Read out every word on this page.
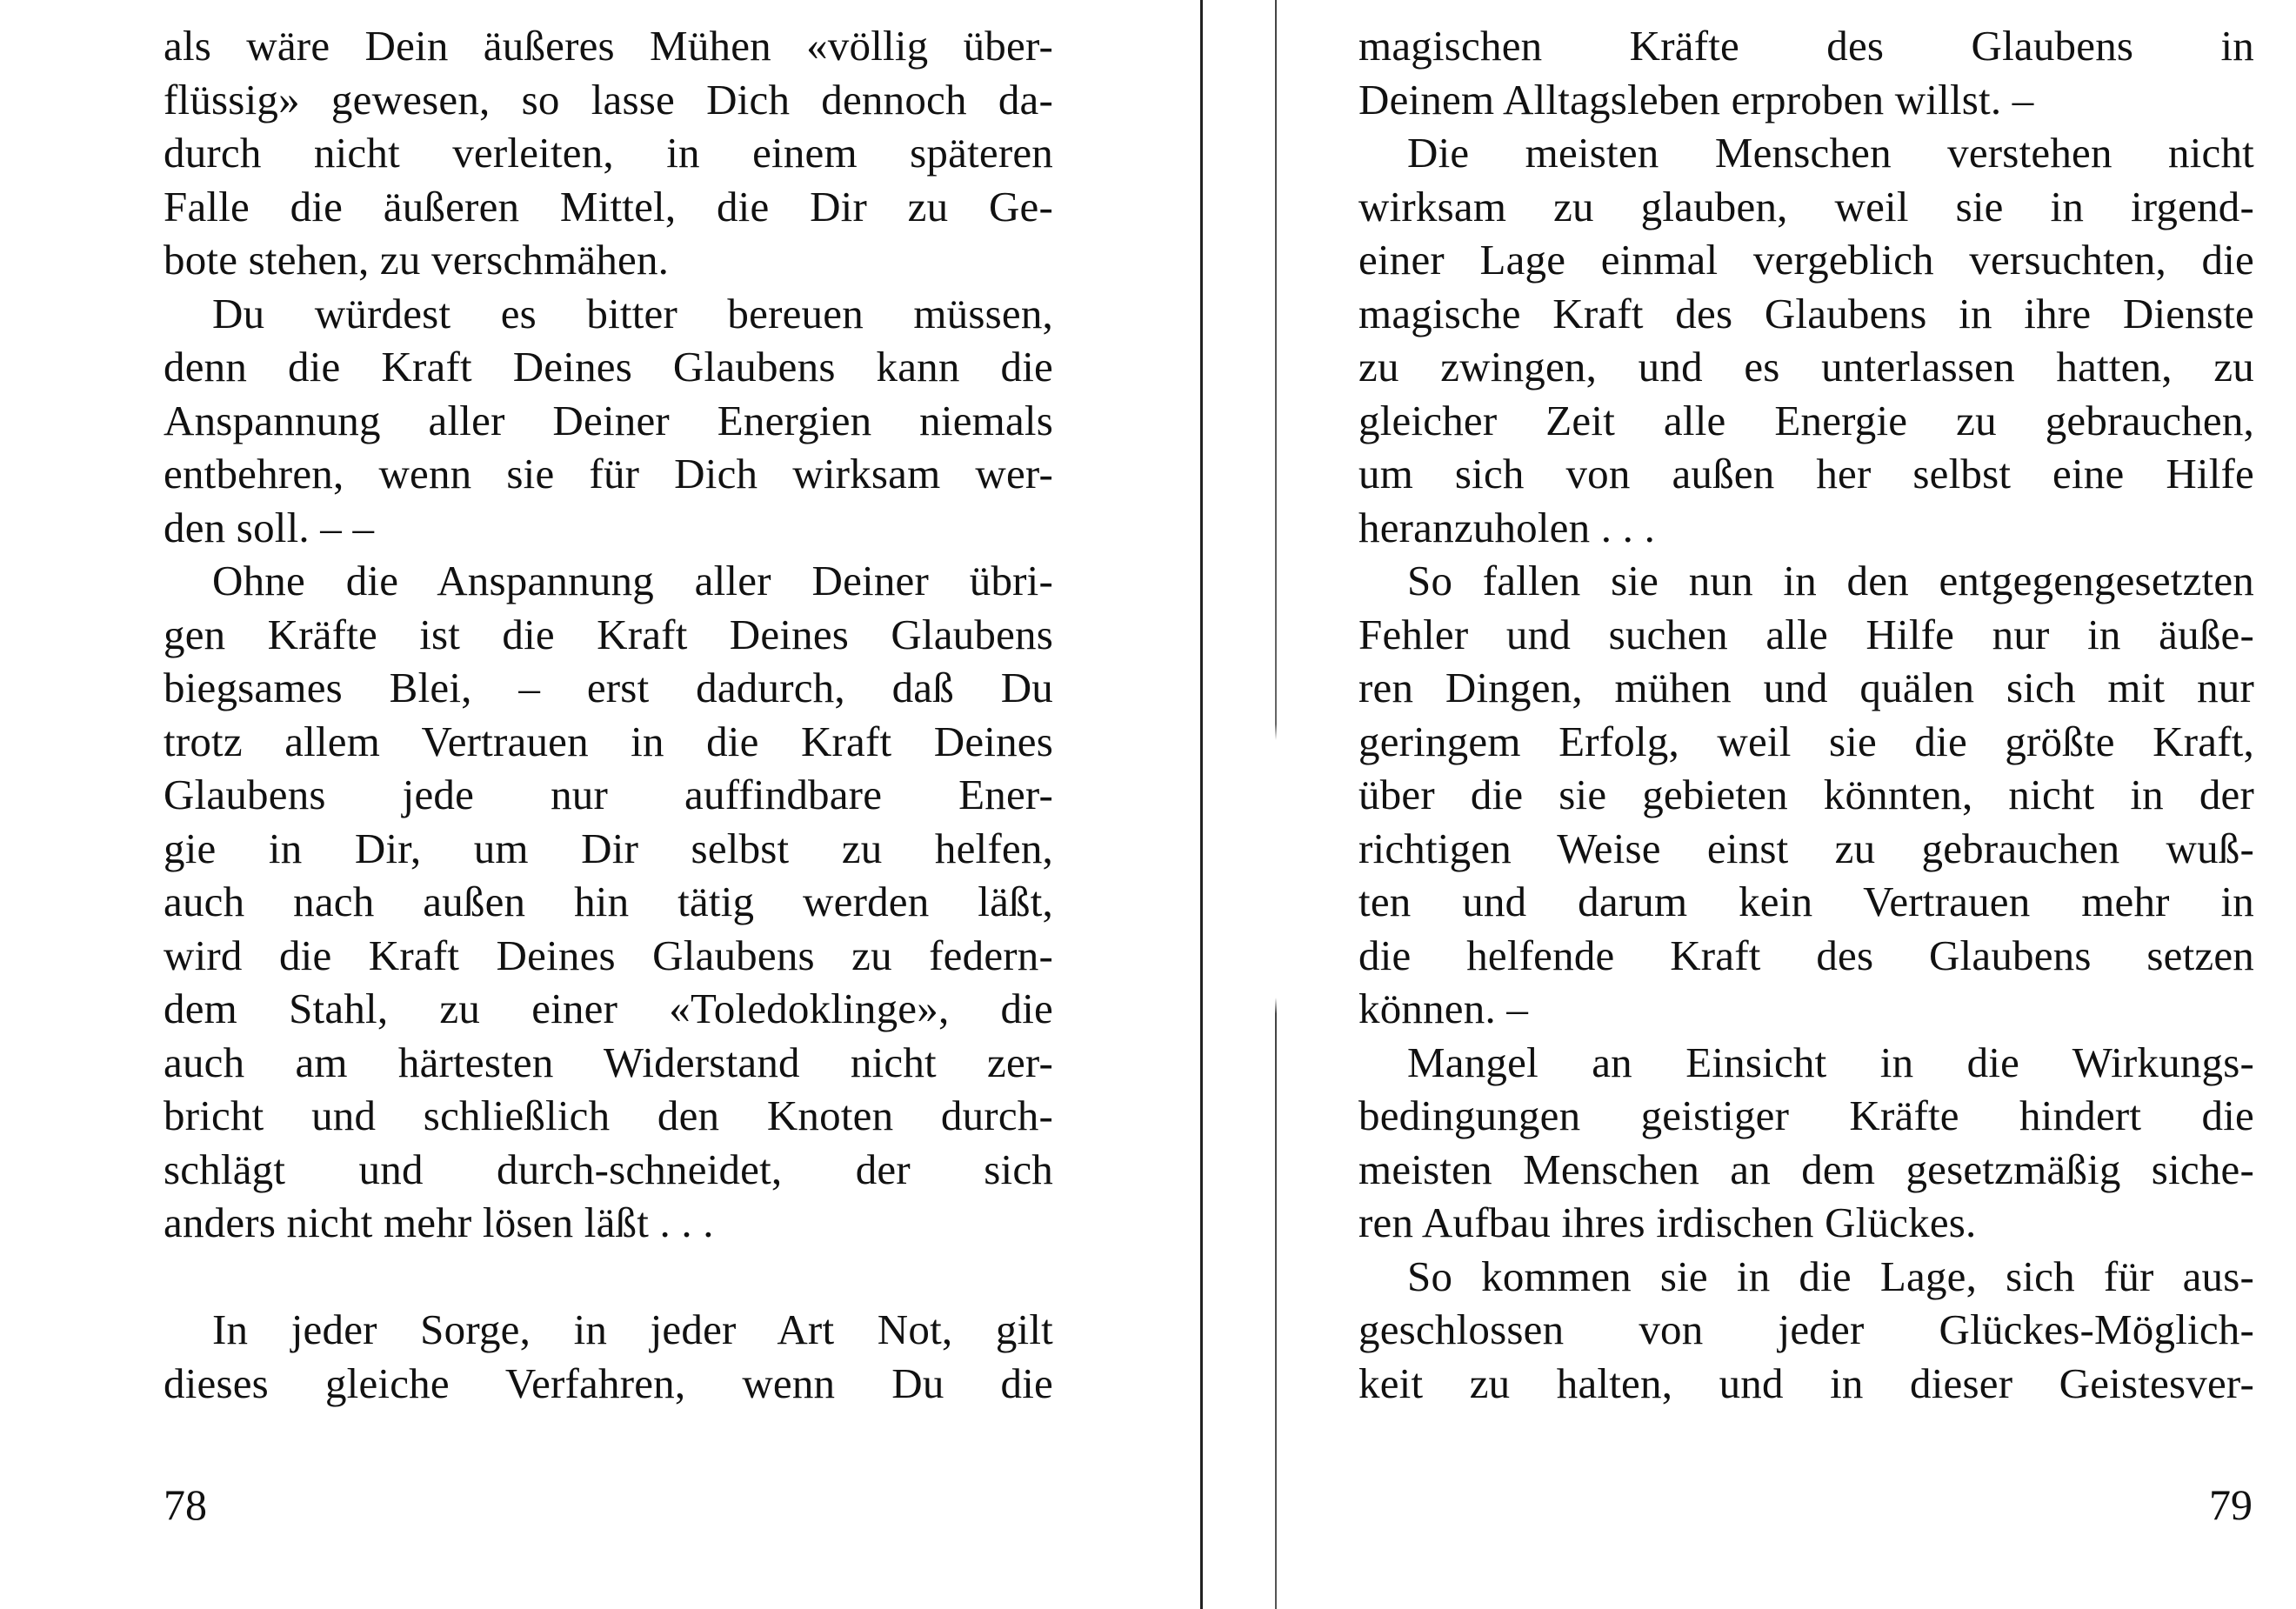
als wäre Dein äußeres Mühen «völlig über-
flüssig» gewesen, so lasse Dich dennoch da-
durch nicht verleiten, in einem späteren
Falle die äußeren Mittel, die Dir zu Ge-
bote stehen, zu verschmähen.
Du würdest es bitter bereuen müssen,
denn die Kraft Deines Glaubens kann die
Anspannung aller Deiner Energien niemals
entbehren, wenn sie für Dich wirksam wer-
den soll. – –
Ohne die Anspannung aller Deiner übri-
gen Kräfte ist die Kraft Deines Glaubens
biegsames Blei, – erst dadurch, daß Du
trotz allem Vertrauen in die Kraft Deines
Glaubens jede nur auffindbare Ener-
gie in Dir, um Dir selbst zu helfen,
auch nach außen hin tätig werden läßt,
wird die Kraft Deines Glaubens zu federn-
dem Stahl, zu einer «Toledoklinge», die
auch am härtesten Widerstand nicht zer-
bricht und schließlich den Knoten durch-
schlägt und durch-schneidet, der sich
anders nicht mehr lösen läßt . . .
In jeder Sorge, in jeder Art Not, gilt
dieses gleiche Verfahren, wenn Du die
78
magischen Kräfte des Glaubens in
Deinem Alltagsleben erproben willst. –
Die meisten Menschen verstehen nicht
wirksam zu glauben, weil sie in irgend-
einer Lage einmal vergeblich versuchten, die
magische Kraft des Glaubens in ihre Dienste
zu zwingen, und es unterlassen hatten, zu
gleicher Zeit alle Energie zu gebrauchen,
um sich von außen her selbst eine Hilfe
heranzuholen . . .
So fallen sie nun in den entgegengesetzten
Fehler und suchen alle Hilfe nur in äuße-
ren Dingen, mühen und quälen sich mit nur
geringem Erfolg, weil sie die größte Kraft,
über die sie gebieten könnten, nicht in der
richtigen Weise einst zu gebrauchen wuß-
ten und darum kein Vertrauen mehr in
die helfende Kraft des Glaubens setzen
können. –
Mangel an Einsicht in die Wirkungs-
bedingungen geistiger Kräfte hindert die
meisten Menschen an dem gesetzmäßig siche-
ren Aufbau ihres irdischen Glückes.
So kommen sie in die Lage, sich für aus-
geschlossen von jeder Glückes-Möglich-
keit zu halten, und in dieser Geistesver-
79
